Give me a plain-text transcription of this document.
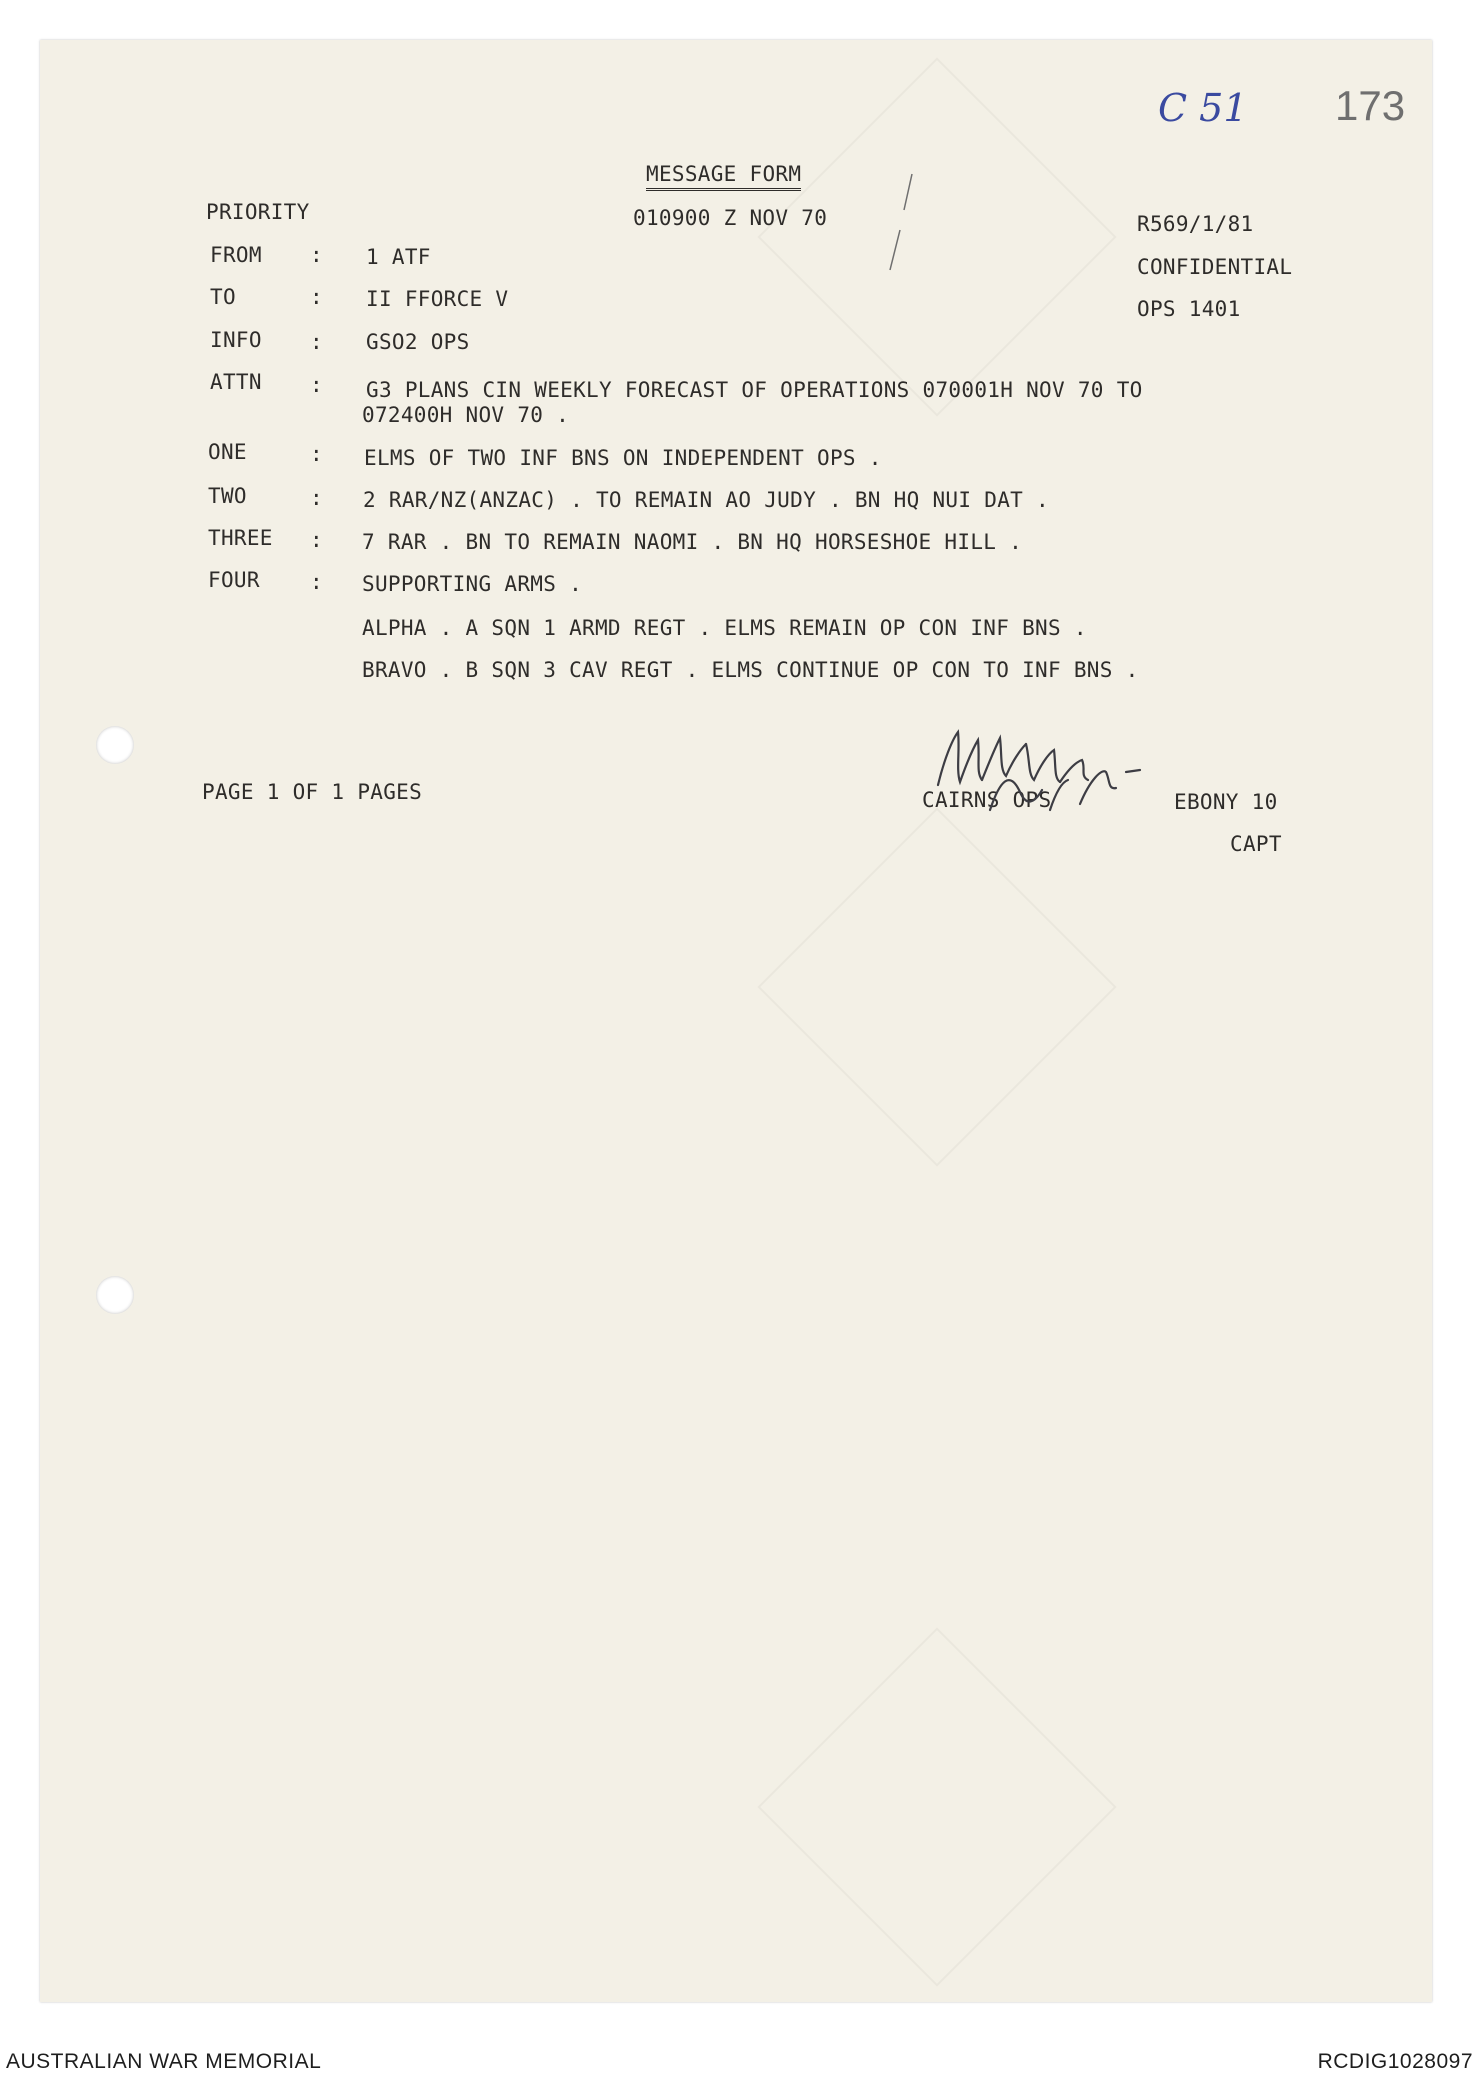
C 51 173
MESSAGE FORM
PRIORITY	010900 Z NOV 70	R569/1/81
CONFIDENTIAL
OPS 1401
FROM : 1 ATF
TO	: II FFORCE V
INFO : GSO2 OPS
ATTN : G3 PLANS CIN WEEKLY FORECAST OF OPERATIONS 070001H NOV 70 TO
072400H NOV 70 .
ONE	: ELMS OF TWO INF BNS ON INDEPENDENT OPS .
TWO	: 2 RAR/NZ(ANZAC) . TO REMAIN AO JUDY . BN HQ NUI DAT .
THREE : 7 RAR . BN TO REMAIN NAOMI . BN HQ HORSESHOE HILL .
FOUR : SUPPORTING ARMS .
ALPHA . A SQN 1 ARMD REGT . ELMS REMAIN OP CON INF BNS .
BRAVO . B SQN 3 CAV REGT . ELMS CONTINUE OP CON TO INF BNS .
PAGE 1 OF 1 PAGES	CAIRNS OPS	EBONY 10
CAPT
AUSTRALIAN WAR MEMORIAL	RCDIG1028097
